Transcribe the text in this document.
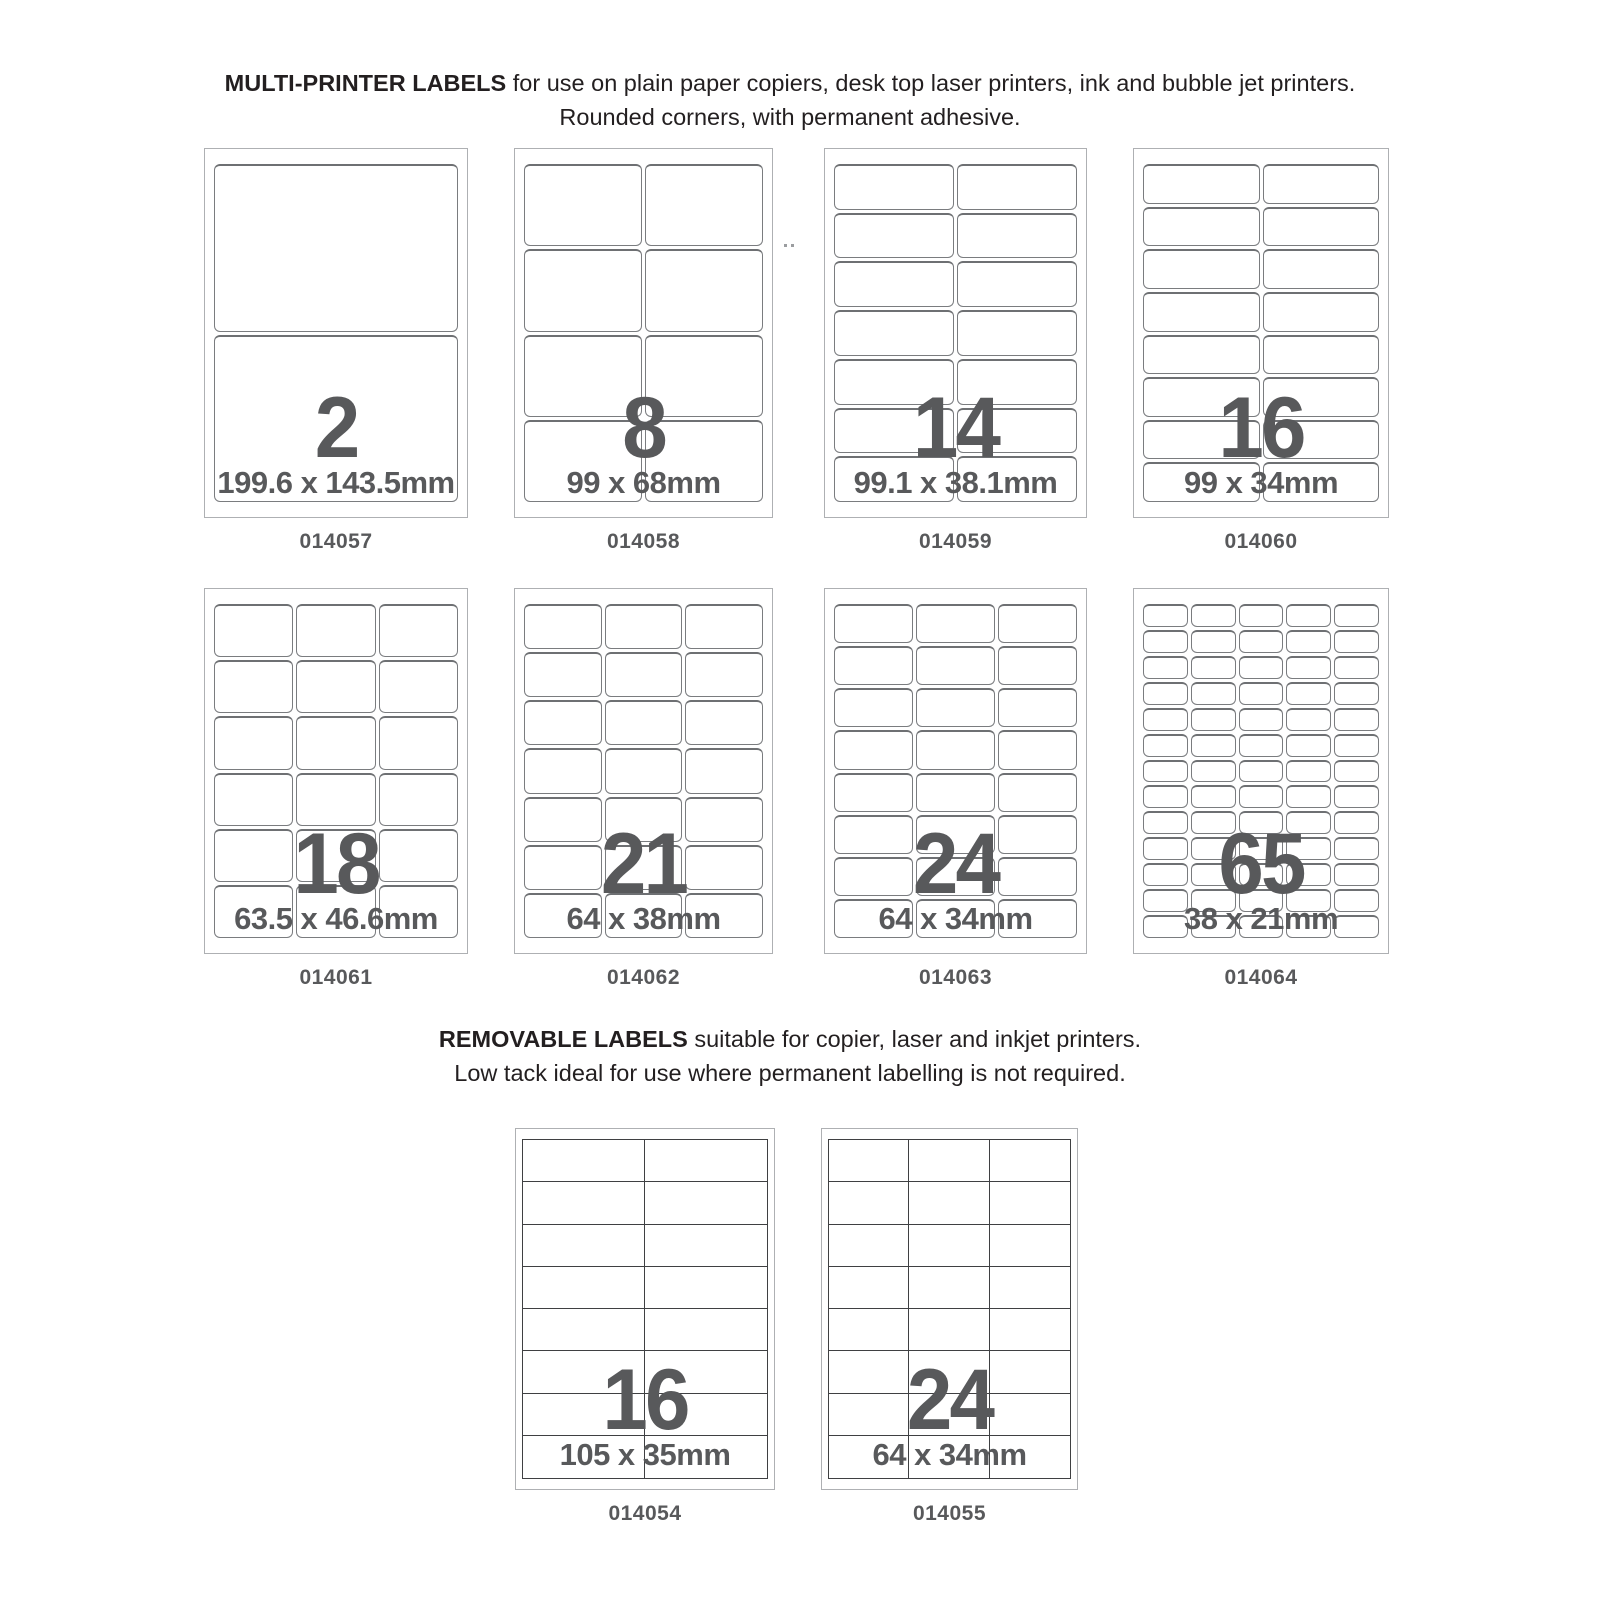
MULTI-PRINTER LABELS for use on plain paper copiers, desk top laser printers, ink and bubble jet printers.
Rounded corners, with permanent adhesive.
2
199.6 x 143.5mm
014057
8
99 x 68mm
014058
14
99.1 x 38.1mm
014059
16
99 x 34mm
014060
18
63.5 x 46.6mm
014061
21
64 x 38mm
014062
24
64 x 34mm
014063
65
38 x 21mm
014064
REMOVABLE LABELS suitable for copier, laser and inkjet printers.
Low tack ideal for use where permanent labelling is not required.
16
105 x 35mm
014054
24
64 x 34mm
014055
